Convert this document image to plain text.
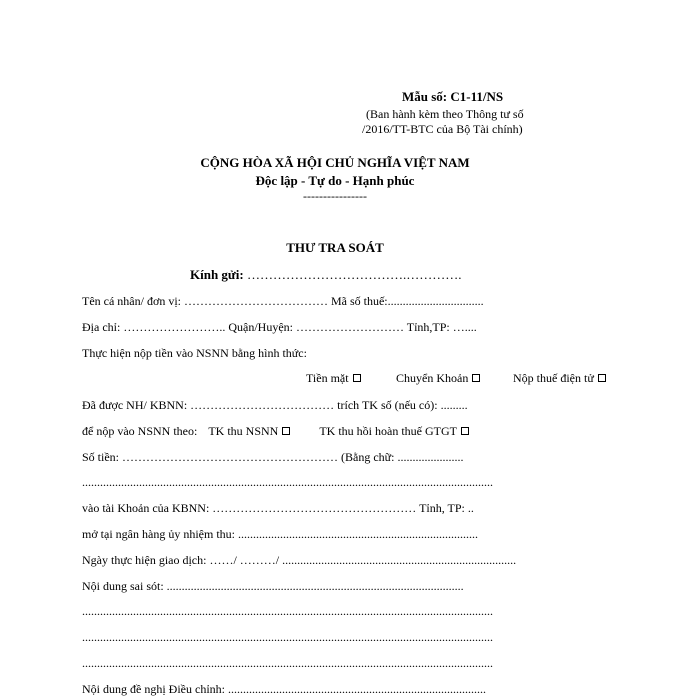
Mẫu số: C1-11/NS
(Ban hành kèm theo Thông tư số
/2016/TT-BTC của Bộ Tài chính)
CỘNG HÒA XÃ HỘI CHỦ NGHĨA VIỆT NAM
Độc lập - Tự do - Hạnh phúc
----------------
THƯ TRA SOÁT
Kính gửi: ……………………………….………….
Tên cá nhân/ đơn vị: ……………………………… Mã số thuế:................................
Địa chỉ: …………………….. Quận/Huyện: ……………………… Tỉnh,TP: …....
Thực hiện nộp tiền vào NSNN bằng hình thức:
Tiền mặt	Chuyển Khoản	Nộp thuế điện tử
Đã được NH/ KBNN: ……………………………… trích TK số (nếu có): .........
để nộp vào NSNN theo: TK thu NSNN	TK thu hồi hoàn thuế GTGT
Số tiền: ……………………………………………… (Bằng chữ: ......................
.........................................................................................................................................
vào tài Khoản của KBNN: …………………………………………… Tỉnh, TP: ..
mở tại ngân hàng ủy nhiệm thu: ................................................................................
Ngày thực hiện giao dịch: ……/ ………/ ..............................................................................
Nội dung sai sót: ...................................................................................................
.........................................................................................................................................
.........................................................................................................................................
.........................................................................................................................................
Nội dung đề nghị Điều chỉnh: ......................................................................................
